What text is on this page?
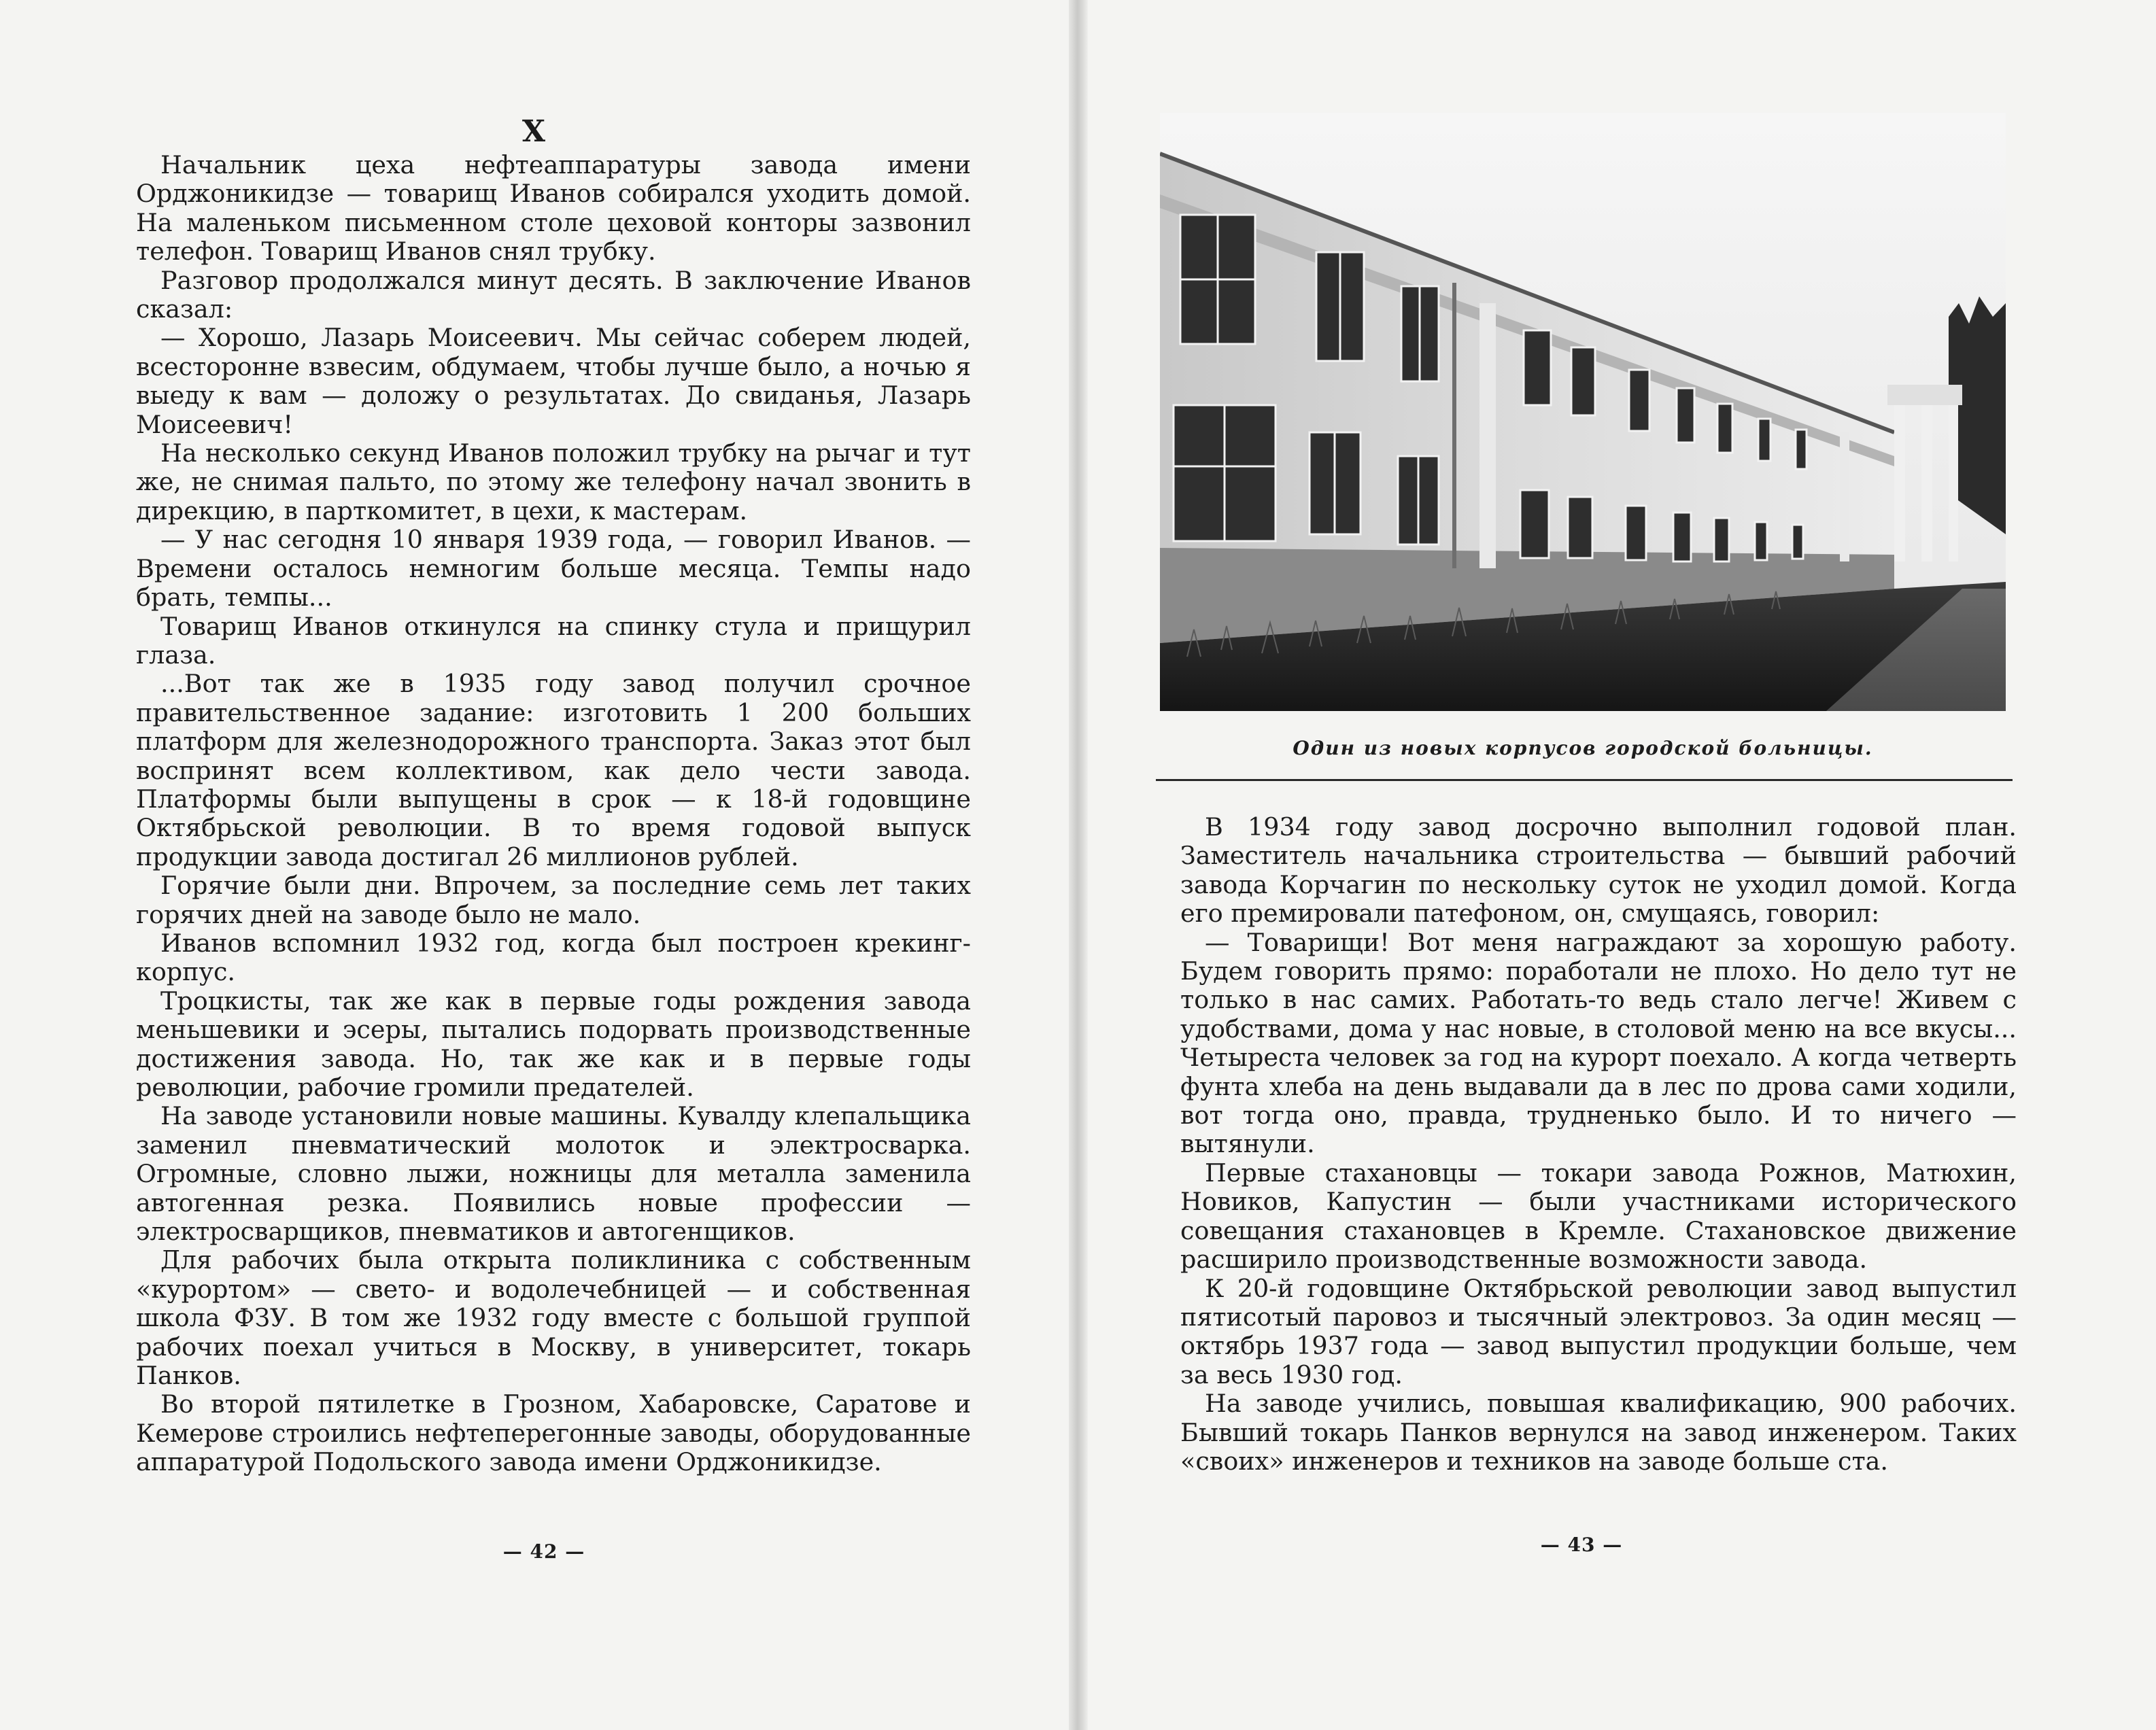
X

Начальник цеха нефтеаппаратуры завода имени Орджоникидзе — товарищ Иванов собирался уходить домой. На маленьком письменном столе цеховой конторы зазвонил телефон. Товарищ Иванов снял трубку.

Разговор продолжался минут десять. В заключение Иванов сказал:

— Хорошо, Лазарь Моисеевич. Мы сейчас соберем людей, всесторонне взвесим, обдумаем, чтобы лучше было, а ночью я выеду к вам — доложу о результатах. До свиданья, Лазарь Моисеевич!

На несколько секунд Иванов положил трубку на рычаг и тут же, не снимая пальто, по этому же телефону начал звонить в дирекцию, в парткомитет, в цехи, к мастерам.

— У нас сегодня 10 января 1939 года, — говорил Иванов. — Времени осталось немногим больше месяца. Темпы надо брать, темпы...

Товарищ Иванов откинулся на спинку стула и прищурил глаза.

...Вот так же в 1935 году завод получил срочное правительственное задание: изготовить 1 200 больших платформ для железнодорожного транспорта. Заказ этот был воспринят всем коллективом, как дело чести завода. Платформы были выпущены в срок — к 18-й годовщине Октябрьской революции. В то время годовой выпуск продукции завода достигал 26 миллионов рублей.

Горячие были дни. Впрочем, за последние семь лет таких горячих дней на заводе было не мало.

Иванов вспомнил 1932 год, когда был построен крекинг-корпус.

Троцкисты, так же как в первые годы рождения завода меньшевики и эсеры, пытались подорвать производственные достижения завода. Но, так же как и в первые годы революции, рабочие громили предателей.

На заводе установили новые машины. Кувалду клепальщика заменил пневматический молоток и электросварка. Огромные, словно лыжи, ножницы для металла заменила автогенная резка. Появились новые профессии — электросварщиков, пневматиков и автогенщиков.

Для рабочих была открыта поликлиника с собственным «курортом» — свето- и водолечебницей — и собственная школа ФЗУ. В том же 1932 году вместе с большой группой рабочих поехал учиться в Москву, в университет, токарь Панков.

Во второй пятилетке в Грозном, Хабаровске, Саратове и Кемерове строились нефтеперегонные заводы, оборудованные аппаратурой Подольского завода имени Орджоникидзе.

— 42 —
Один из новых корпусов городской больницы.

В 1934 году завод досрочно выполнил годовой план. Заместитель начальника строительства — бывший рабочий завода Корчагин по нескольку суток не уходил домой. Когда его премировали патефоном, он, смущаясь, говорил:

— Товарищи! Вот меня награждают за хорошую работу. Будем говорить прямо: поработали не плохо. Но дело тут не только в нас самих. Работать-то ведь стало легче! Живем с удобствами, дома у нас новые, в столовой меню на все вкусы... Четыреста человек за год на курорт поехало. А когда четверть фунта хлеба на день выдавали да в лес по дрова сами ходили, вот тогда оно, правда, трудненько было. И то ничего — вытянули.

Первые стахановцы — токари завода Рожнов, Матюхин, Новиков, Капустин — были участниками исторического совещания стахановцев в Кремле. Стахановское движение расширило производственные возможности завода.

К 20-й годовщине Октябрьской революции завод выпустил пятисотый паровоз и тысячный электровоз. За один месяц — октябрь 1937 года — завод выпустил продукции больше, чем за весь 1930 год.

На заводе учились, повышая квалификацию, 900 рабочих. Бывший токарь Панков вернулся на завод инженером. Таких «своих» инженеров и техников на заводе больше ста.

— 43 —
